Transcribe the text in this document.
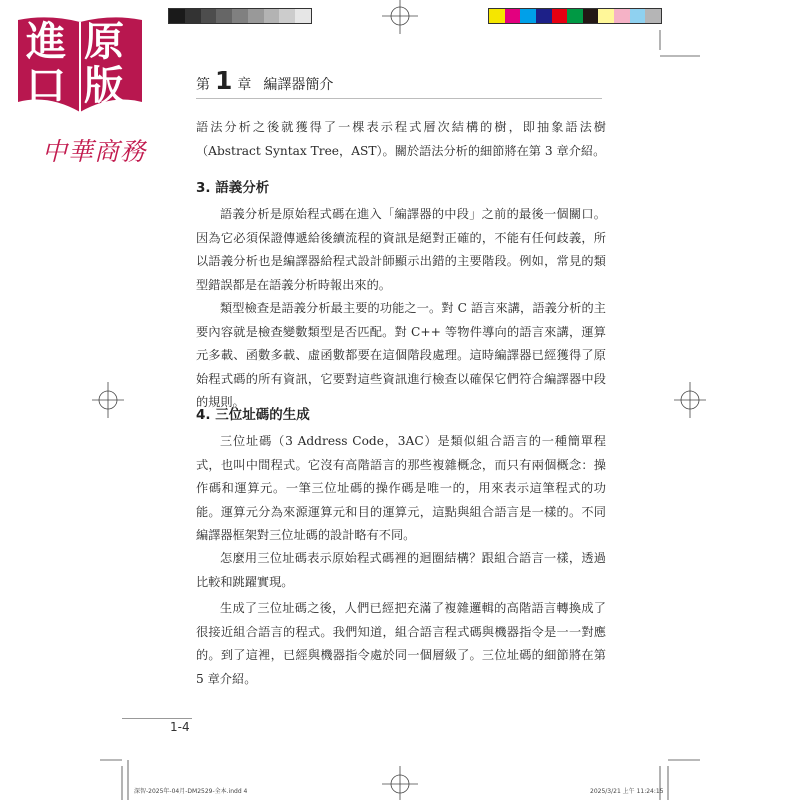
進 原
口 版
中華商務
第 1 章 編譯器簡介

語法分析之後就獲得了一棵表示程式層次結構的樹，即抽象語法樹（Abstract Syntax Tree，AST）。關於語法分析的細節將在第 3 章介紹。

3. 語義分析

語義分析是原始程式碼在進入「編譯器的中段」之前的最後一個關口。因為它必須保證傳遞給後續流程的資訊是絕對正確的，不能有任何歧義，所以語義分析也是編譯器給程式設計師顯示出錯的主要階段。例如，常見的類型錯誤都是在語義分析時報出來的。

類型檢查是語義分析最主要的功能之一。對 C 語言來講，語義分析的主要內容就是檢查變數類型是否匹配。對 C++ 等物件導向的語言來講，運算元多載、函數多載、虛函數都要在這個階段處理。這時編譯器已經獲得了原始程式碼的所有資訊，它要對這些資訊進行檢查以確保它們符合編譯器中段的規則。

4. 三位址碼的生成

三位址碼（3 Address Code，3AC）是類似組合語言的一種簡單程式，也叫中間程式。它沒有高階語言的那些複雜概念，而只有兩個概念：操作碼和運算元。一筆三位址碼的操作碼是唯一的，用來表示這筆程式的功能。運算元分為來源運算元和目的運算元，這點與組合語言是一樣的。不同編譯器框架對三位址碼的設計略有不同。

怎麼用三位址碼表示原始程式碼裡的迴圈結構？跟組合語言一樣，透過比較和跳躍實現。

生成了三位址碼之後，人們已經把充滿了複雜邏輯的高階語言轉換成了很接近組合語言的程式。我們知道，組合語言程式碼與機器指令是一一對應的。到了這裡，已經與機器指令處於同一個層級了。三位址碼的細節將在第 5 章介紹。

1-4
深智-2025年-04月-DM2529-全本.indd 4	2025/3/21 上午 11:24:15
